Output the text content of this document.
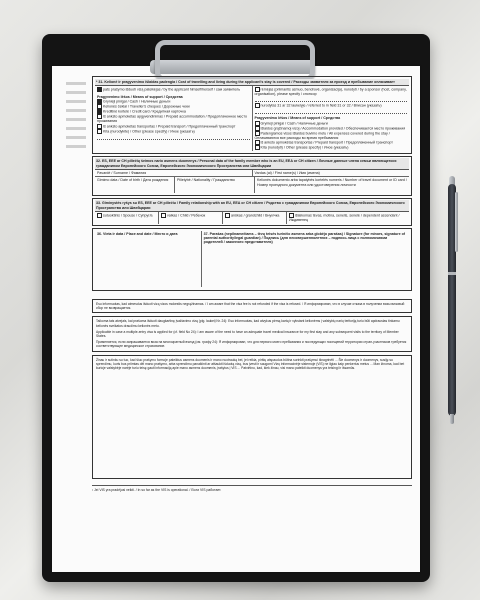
* 31. Kelionė ir pragyvenimo išlaidas padengia / Cost of travelling and living during the applicant's stay is covered / Расходы заявителя за проезд и пребывание оплачивает
pats prašymo išduoti vizą pateikėjas / by the applicant himself/herself / сам заявитель
Pragyvenimo lėšos / Means of support / Средства
Grynieji pinigai / Cash / Наличные деньги
Kelionės čekiai / Traveller's cheques / Дорожные чеки
Kreditinė kortelė / Credit card / Кредитная карточка
Iš anksto apmokėtas apgyvendinimas / Prepaid accommodation / Предоплаченное место проживания
Iš anksto apmokėtas transportas / Prepaid transport / Предоплаченный транспорт
Kita (nurodykite) / Other (please specify) / Иное (указать)
rėmėjas (priimantis asmuo, bendrovė, organizacija), nurodyti / by a sponsor (host, company, organisation), please specify / спонсор
nurodytas 31 ar 32 laukelyje / referred to in field 31 or 32 / Вписан (указать)
Pragyvenimo lėšos / Means of support / Средства
Grynieji pinigai / Cash / Наличные деньги
Išlaidos grąžinamoj vizoj / Accommodation provided / Обеспечивается место проживания
Padengiamos visos išlaidos buvimo metu / All expenses covered during the stay / Оплачиваются все расходы во время пребывания
Iš anksto apmokėtas transportas / Prepaid transport / Предоплаченный транспорт
Kita (nurodyti) / Other (please specify) / Иное (указать)
32. ES, EEE ar CH piliečių šeimos nario asmens duomenys / Personal data of the family member who is an EU, EEA or CH citizen / Личные данные члена семьи являющегося гражданином Европейского Союза, Европейского Экономического Пространства или Швейцарии
Pavardė / Surname / Фамилия	Vardas (ai) / First name(s) / Имя (имена)
Gimimo data / Date of birth / Дата рождения	Pilietybė / Nationality / Гражданство	Kelionės dokumento arba tapatybės kortelės numeris / Number of travel document or ID card / Номер проездного документа или удостоверения личности
33. Giminystės ryšys su ES, EEE ar CH piliečiu / Family relationship with an EU, EEA or CH citizen / Родство с гражданином Европейского Союза, Европейского Экономического Пространства или Швейцарии
sutuoktinis / Spouse / Супруг/а	vaikas / Child / Ребенок	anūkas / grandchild / Внук/чка	išlaikomas tėvas, motina, senelis, senelė / dependent ascendant / Иждивенец
36. Vieta ir data / Place and date / Место и дата	37. Parašas (nepilnamečiams – tėvų teisės turinčio asmens arba globėjo parašas) / Signature (for minors, signature of parental authority/legal guardian) / Подпись (для несовершеннолетних – подпись лица с полномочиями родителей / законного представителя)
Esu informuotas, kad atmesdus išduoti vizą vizos mokestis negrąžinamas. / I am aware that the visa fee is not refunded if the visa is refused. / Я информирован, что в случае отказа в получении визы визовый сбор не возвращается.
Taikoma tais atvejais, kai prašoma išduoti daugkartinę įvažiavimo vizą (plg. laukelį Nr. 24): Esu informuotas, kad atvykus pirmą kartą ir vykstant kelionėms į valstybių narių teritoriją turiu būti apdraustas tinkamu kelionės sveikatos draudimu kelionės metu.
Applicable in case a multiple-entry visa is applied for (cf. field No 24): I am aware of the need to have an adequate travel medical insurance for my first stay and any subsequent visits to the territory of Member States.
Применяется, если запрашивается виза на многократный въезд (см. графу 24): Я информирован, что для первого моего пребывания и последующих посещений территории стран-участников требуется соответствующее медицинское страхование.
Žinau ir sutinku su tuo, kad šiuo prašymo formoje pateiktus asmens duomenis ir mano nuotrauką bei, jei reikia, pirštų atspaudus būtina surinkti prašymui išnagrinėti ... Šie duomenys ir duomenys, susiję su sprendimu, kuris bus priimtas dėl mano prašymo, arba sprendimu panaikinti ar atšaukti išduotą vizą, bus įvesti ir saugomi Vizų informacinėje sistemoje (VIS) ne ilgiau kaip penkerius metus ... Man žinoma, kad bet kurioje valstybėje narėje turiu teisę gauti informaciją apie mano asmens duomenis, įrašytus į VIS ... Patvirtinu, kad, kiek žinau, visi mano pateikti duomenys yra teisingi ir išsamūs.
¹ Jei VIS yra pradėjusi veikti. / In so far as the VIS is operational. / Если VIS работает.
